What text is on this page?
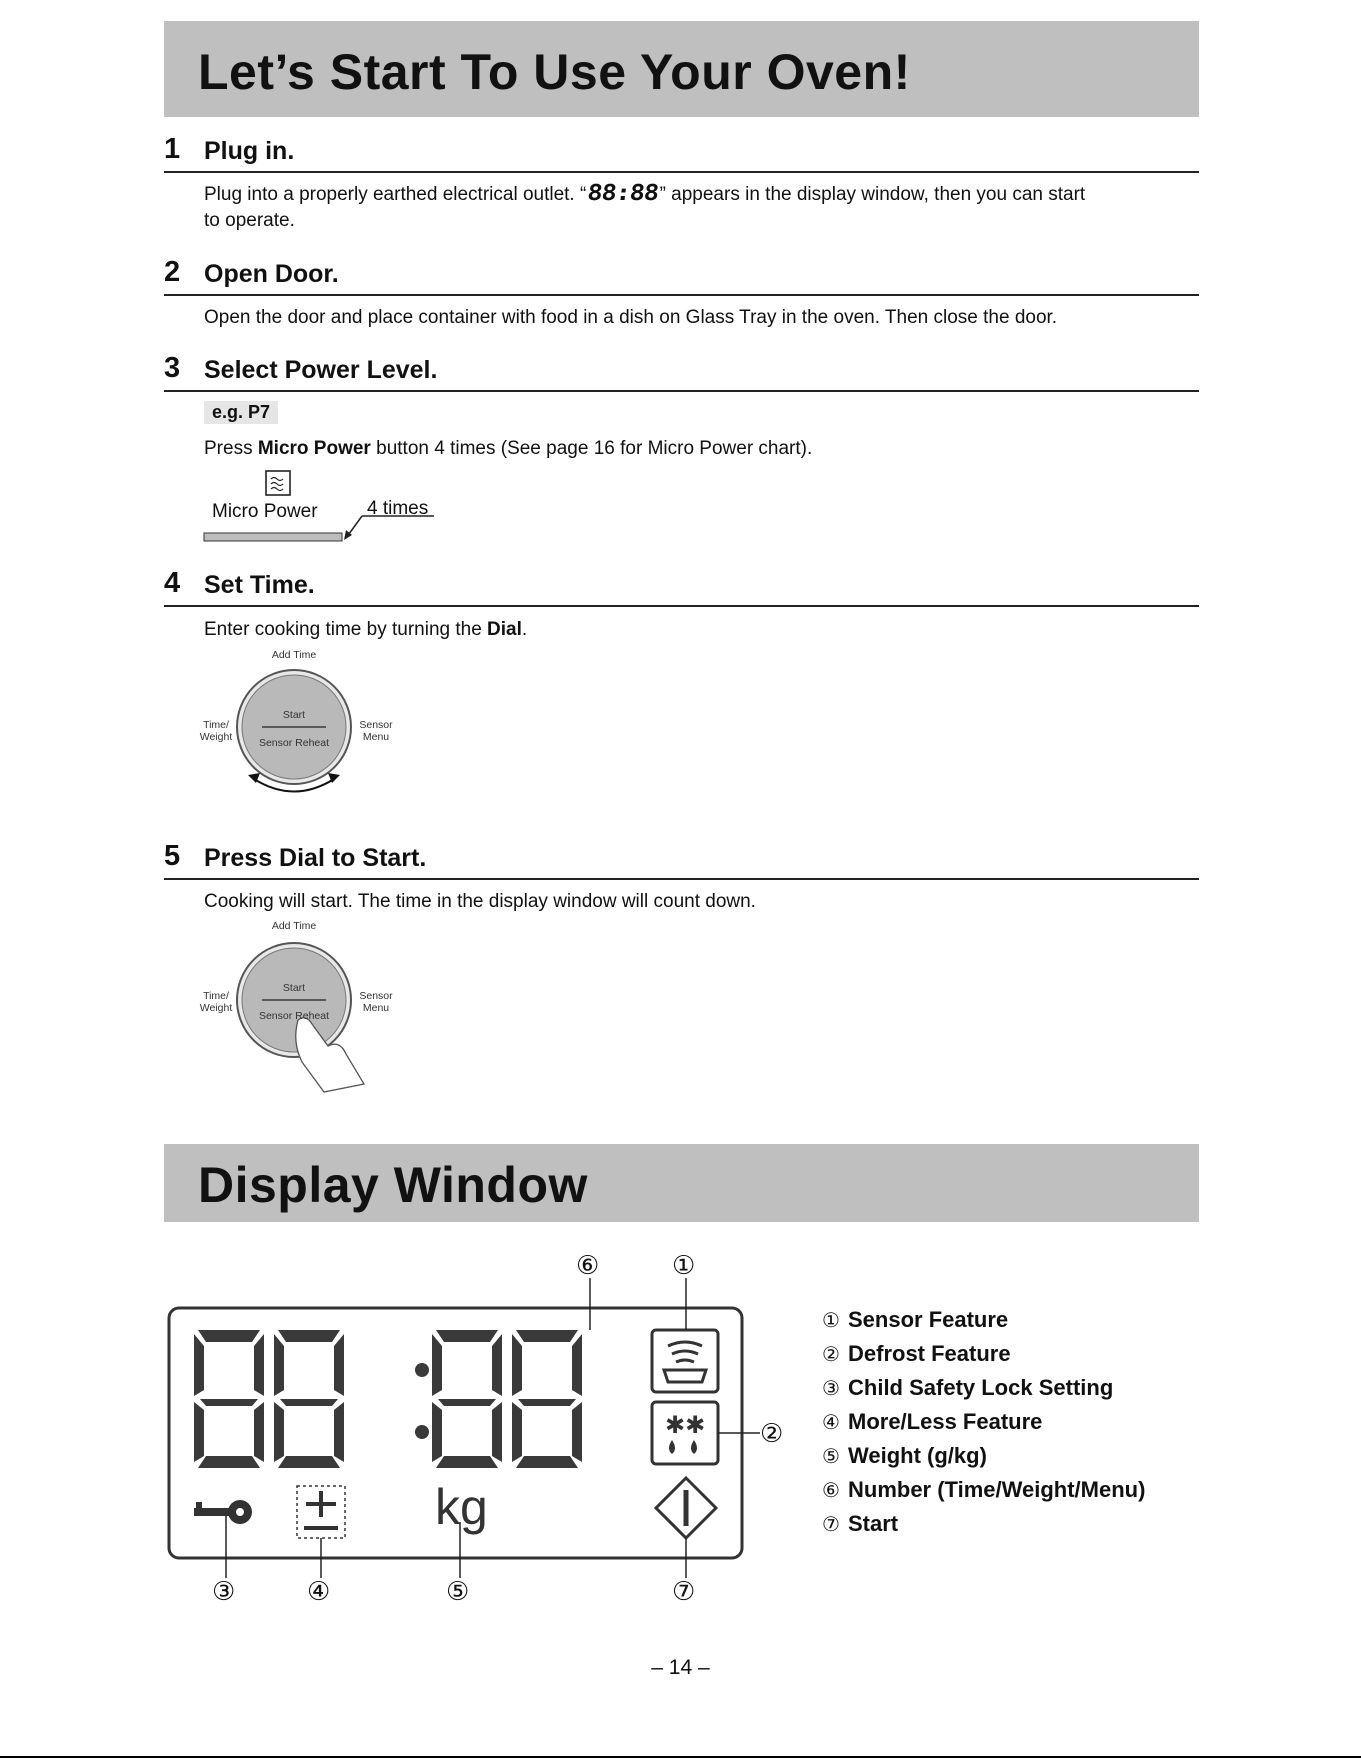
Let’s Start To Use Your Oven!
1 Plug in.
Plug into a properly earthed electrical outlet. “88:88” appears in the display window, then you can start
to operate.
2 Open Door.
Open the door and place container with food in a dish on Glass Tray in the oven. Then close the door.
3 Select Power Level.
e.g. P7
Press Micro Power button 4 times (See page 16 for Micro Power chart).
Micro Power	4 times
4 Set Time.
Enter cooking time by turning the Dial.
Add Time
Time/
Weight
Sensor
Menu
Start
Sensor Reheat
5 Press Dial to Start.
Cooking will start. The time in the display window will count down.
Add Time
Time/
Weight
Sensor
Menu
Start
Sensor Reheat
Display Window
✱✱
kg
⑥	①
②
③	④	⑤	⑦
① Sensor Feature
② Defrost Feature
③ Child Safety Lock Setting
④ More/Less Feature
⑤ Weight (g/kg)
⑥ Number (Time/Weight/Menu)
⑦ Start
– 14 –
